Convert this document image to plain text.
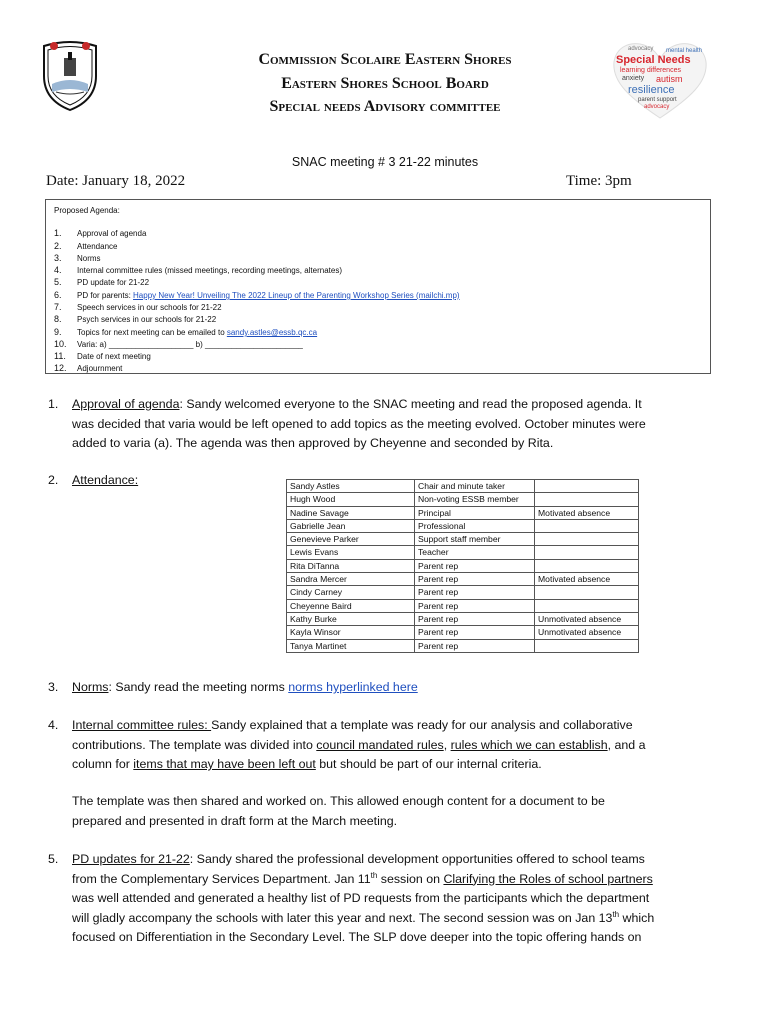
Commission Scolaire Eastern Shores
Eastern Shores School Board
Special needs Advisory committee
advocacy mental health
Special Needs
learning differences
anxiety autism
resilience
parent support
advocacy
SNAC meeting # 3 21-22 minutes
Date: January 18, 2022	Time: 3pm
Proposed Agenda:
1. Approval of agenda
2. Attendance
3. Norms
4. Internal committee rules (missed meetings, recording meetings, alternates)
5. PD update for 21-22
6. PD for parents: Happy New Year! Unveiling The 2022 Lineup of the Parenting Workshop Series (mailchi.mp)
7. Speech services in our schools for 21-22
8. Psych services in our schools for 21-22
9. Topics for next meeting can be emailed to sandy.astles@essb.qc.ca
10. Varia: a) ___________________ b) ______________________
11. Date of next meeting
12. Adjournment
1. Approval of agenda: Sandy welcomed everyone to the SNAC meeting and read the proposed agenda. It
was decided that varia would be left opened to add topics as the meeting evolved. October minutes were
added to varia (a). The agenda was then approved by Cheyenne and seconded by Rita.
2. Attendance:	Sandy Astles	Chair and minute taker	
Hugh Wood	Non-voting ESSB member	
Nadine Savage	Principal	Motivated absence
Gabrielle Jean	Professional	
Genevieve Parker	Support staff member	
Lewis Evans	Teacher	
Rita DiTanna	Parent rep	
Sandra Mercer	Parent rep	Motivated absence
Cindy Carney	Parent rep	
Cheyenne Baird	Parent rep	
Kathy Burke	Parent rep	Unmotivated absence
Kayla Winsor	Parent rep	Unmotivated absence
Tanya Martinet	Parent rep	
3. Norms: Sandy read the meeting norms norms hyperlinked here
4. Internal committee rules: Sandy explained that a template was ready for our analysis and collaborative
contributions. The template was divided into council mandated rules, rules which we can establish, and a
column for items that may have been left out but should be part of our internal criteria.
The template was then shared and worked on. This allowed enough content for a document to be
prepared and presented in draft form at the March meeting.
5. PD updates for 21-22: Sandy shared the professional development opportunities offered to school teams
from the Complementary Services Department. Jan 11th session on Clarifying the Roles of school partners
was well attended and generated a healthy list of PD requests from the participants which the department
will gladly accompany the schools with later this year and next. The second session was on Jan 13th which
focused on Differentiation in the Secondary Level. The SLP dove deeper into the topic offering hands on
